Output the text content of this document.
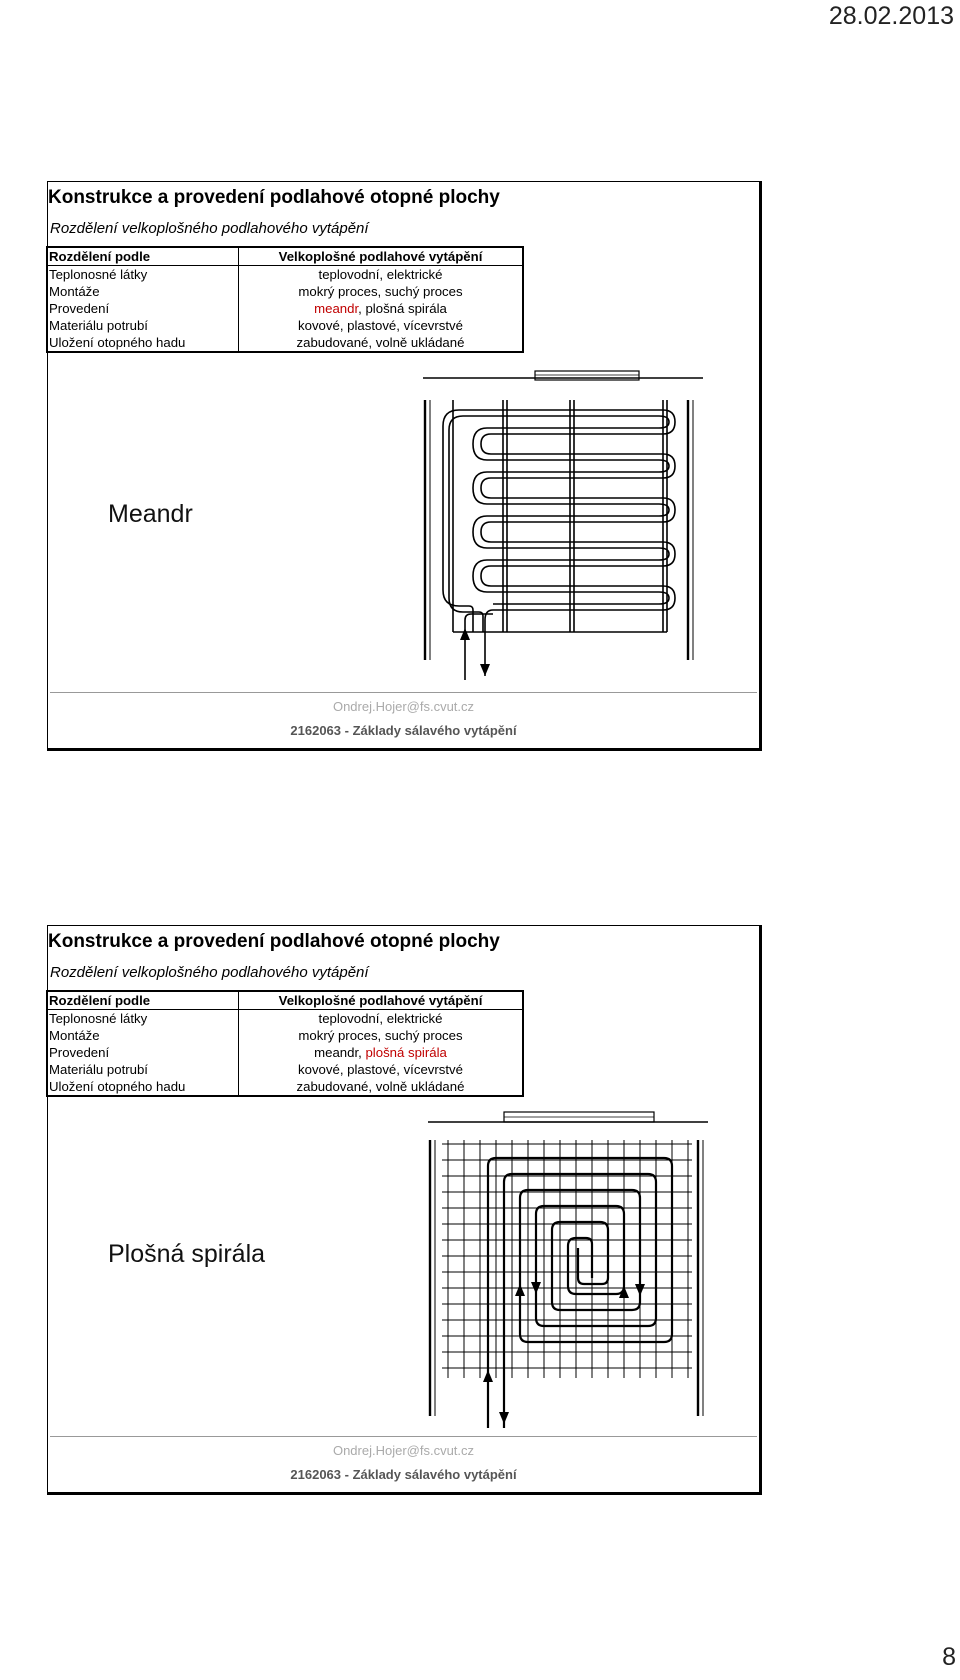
28.02.2013
Konstrukce a provedení podlahové otopné plochy
Rozdělení velkoplošného podlahového vytápění
Rozdělení podle	Velkoplošné podlahové vytápění
Teplonosné látky	teplovodní, elektrické
Montáže	mokrý proces, suchý proces
Provedení	meandr, plošná spirála
Materiálu potrubí	kovové, plastové, vícevrstvé
Uložení otopného hadu	zabudované, volně ukládané
Meandr
Ondrej.Hojer@fs.cvut.cz
2162063 - Základy sálavého vytápění
Konstrukce a provedení podlahové otopné plochy
Rozdělení velkoplošného podlahového vytápění
Rozdělení podle	Velkoplošné podlahové vytápění
Teplonosné látky	teplovodní, elektrické
Montáže	mokrý proces, suchý proces
Provedení	meandr, plošná spirála
Materiálu potrubí	kovové, plastové, vícevrstvé
Uložení otopného hadu	zabudované, volně ukládané
Plošná spirála
Ondrej.Hojer@fs.cvut.cz
2162063 - Základy sálavého vytápění
8
